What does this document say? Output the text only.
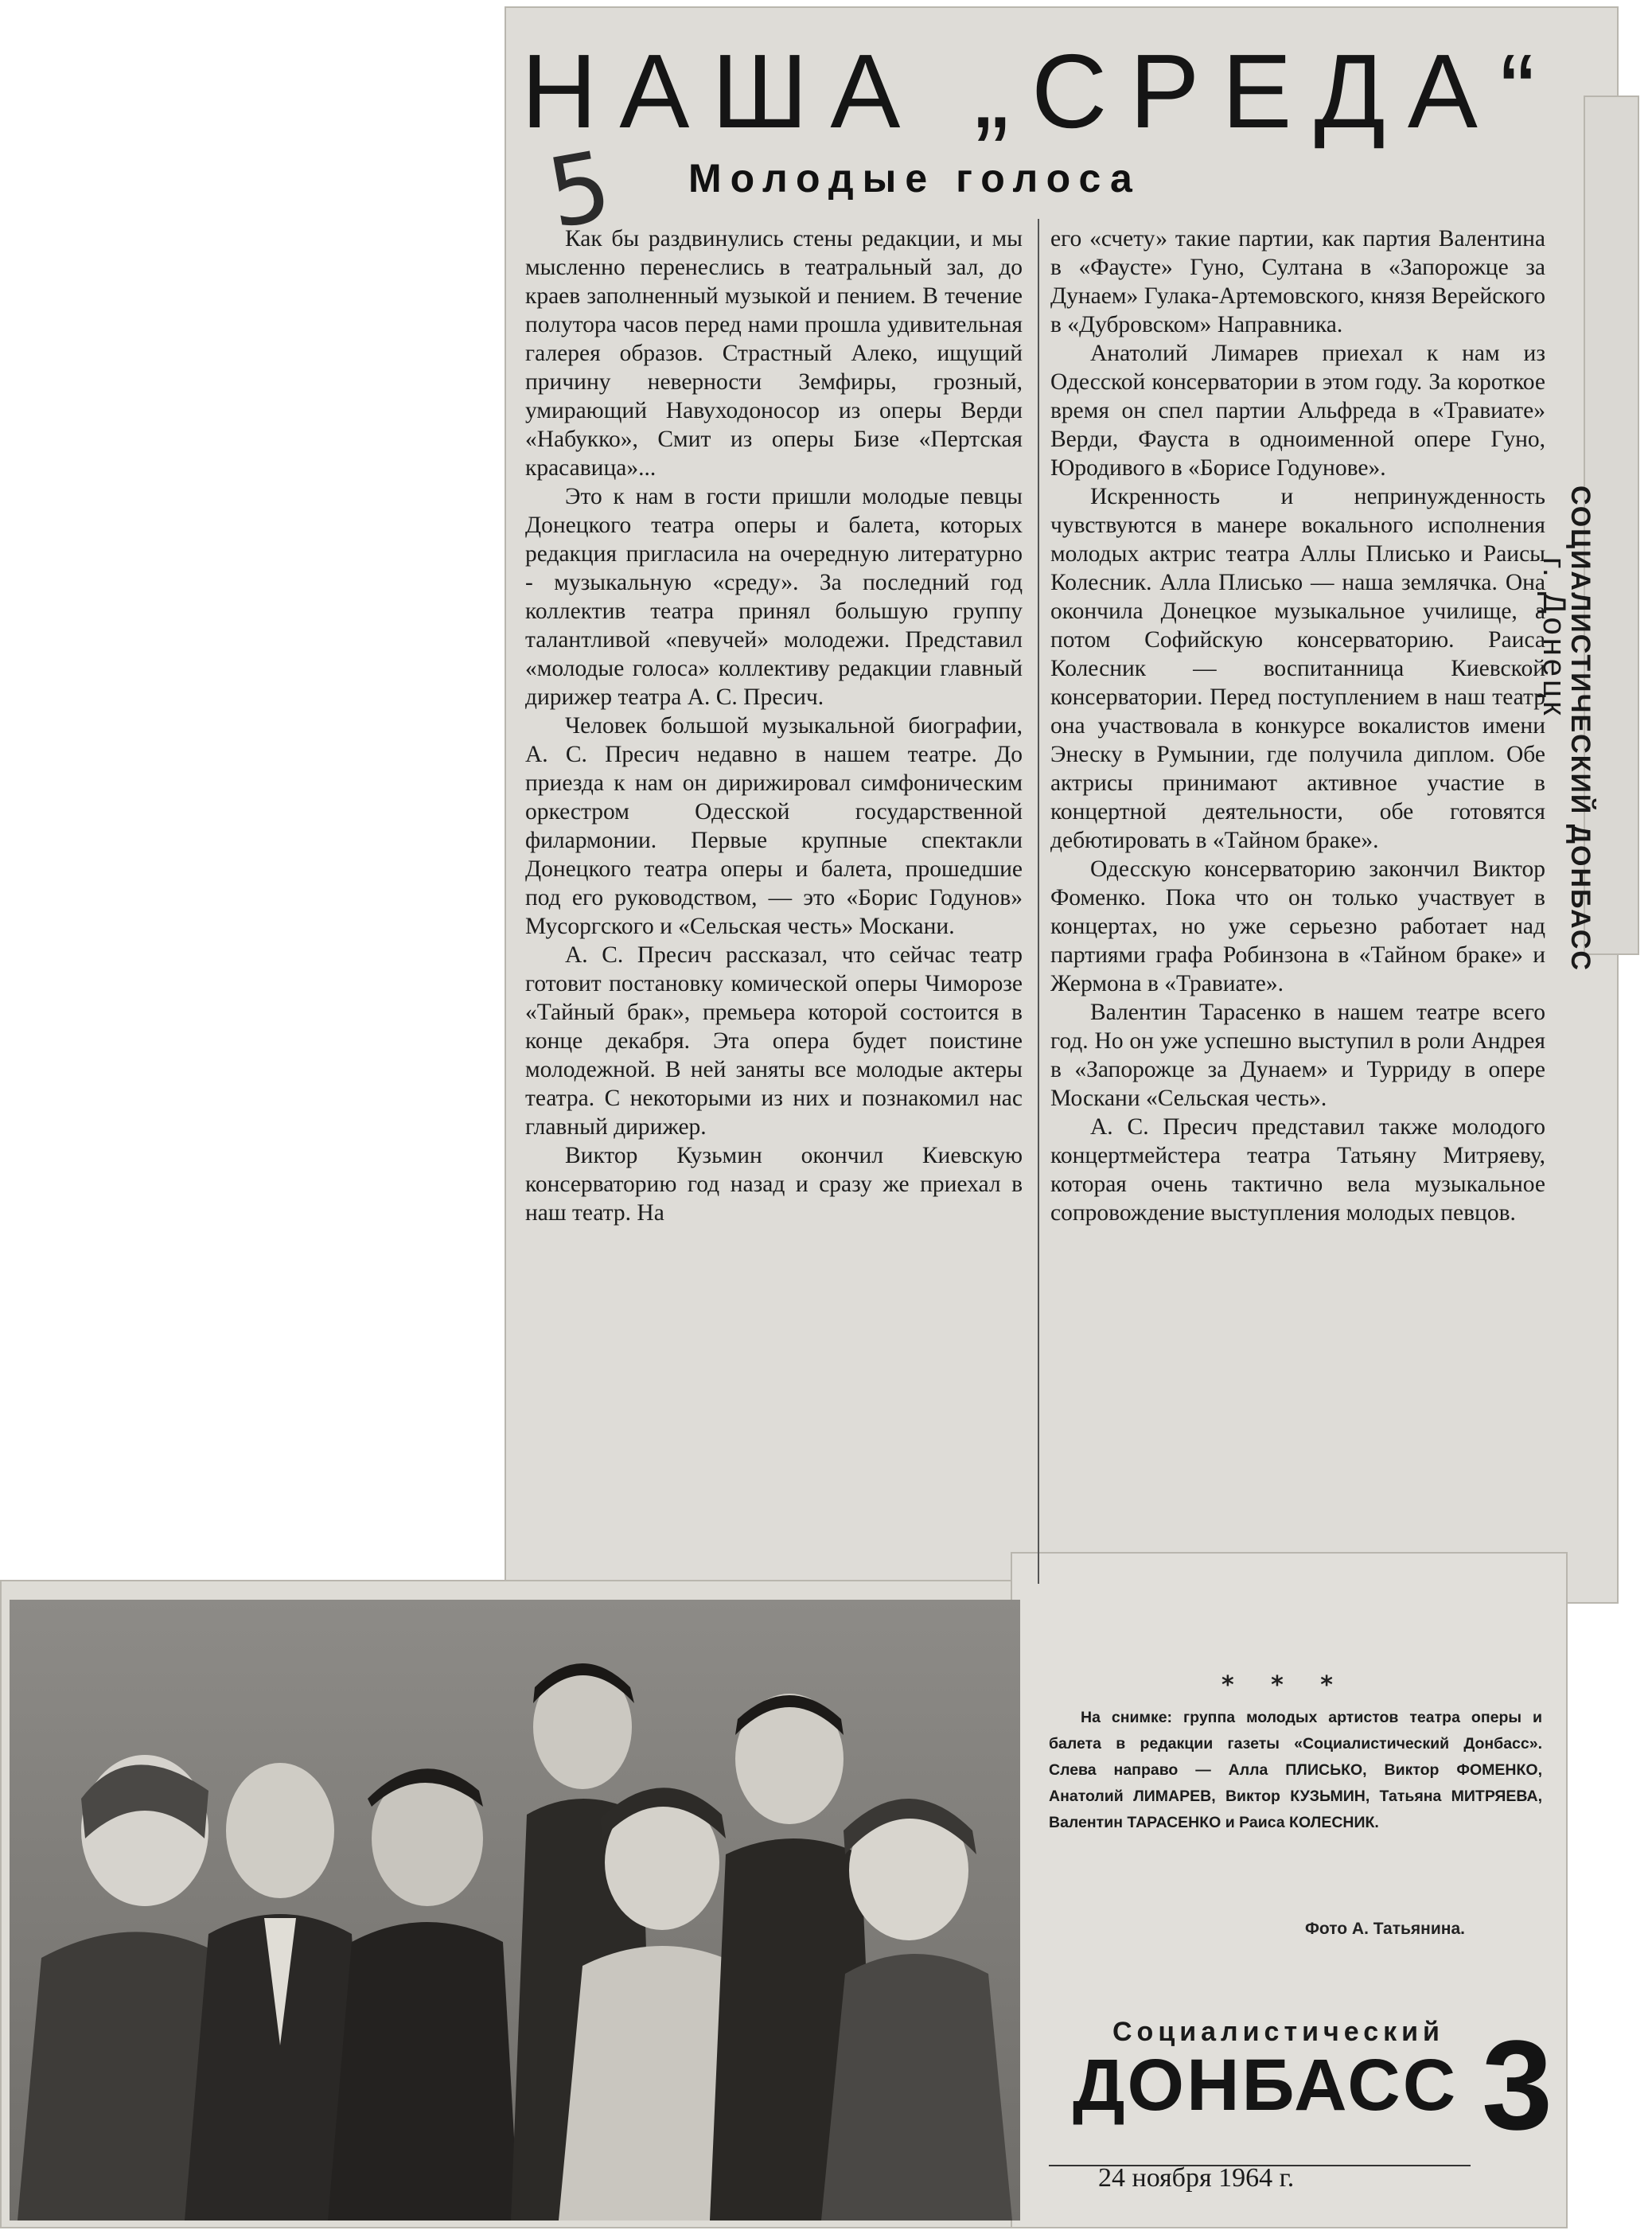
НАША „СРЕДА“
5 Молодые голоса

Как бы раздвинулись стены редакции, и мы мысленно перенеслись в театральный зал, до краев заполненный музыкой и пением. В течение полутора часов перед нами прошла удивительная галерея образов. Страстный Алеко, ищущий причину неверности Земфиры, грозный, умирающий Навуходоносор из оперы Верди «Набукко», Смит из оперы Бизе «Пертская красавица»...

Это к нам в гости пришли молодые певцы Донецкого театра оперы и балета, которых редакция пригласила на очередную литературно - музыкальную «среду». За последний год коллектив театра принял большую группу талантливой «певучей» молодежи. Представил «молодые голоса» коллективу редакции главный дирижер театра А. С. Пресич.

Человек большой музыкальной биографии, А. С. Пресич недавно в нашем театре. До приезда к нам он дирижировал симфоническим оркестром Одесской государственной филармонии. Первые крупные спектакли Донецкого театра оперы и балета, прошедшие под его руководством, — это «Борис Годунов» Мусоргского и «Сельская честь» Москани.

А. С. Пресич рассказал, что сейчас театр готовит постановку комической оперы Чиморозе «Тайный брак», премьера которой состоится в конце декабря. Эта опера будет поистине молодежной. В ней заняты все молодые актеры театра. С некоторыми из них и познакомил нас главный дирижер.

Виктор Кузьмин окончил Киевскую консерваторию год назад и сразу же приехал в наш театр. На

его «счету» такие партии, как партия Валентина в «Фаусте» Гуно, Султана в «Запорожце за Дунаем» Гулака-Артемовского, князя Верейского в «Дубровском» Направника.

Анатолий Лимарев приехал к нам из Одесской консерватории в этом году. За короткое время он спел партии Альфреда в «Травиате» Верди, Фауста в одноименной опере Гуно, Юродивого в «Борисе Годунове».

Искренность и непринужденность чувствуются в манере вокального исполнения молодых актрис театра Аллы Плисько и Раисы Колесник. Алла Плисько — наша землячка. Она окончила Донецкое музыкальное училище, а потом Софийскую консерваторию. Раиса Колесник — воспитанница Киевской консерватории. Перед поступлением в наш театр она участвовала в конкурсе вокалистов имени Энеску в Румынии, где получила диплом. Обе актрисы принимают активное участие в концертной деятельности, обе готовятся дебютировать в «Тайном браке».

Одесскую консерваторию закончил Виктор Фоменко. Пока что он только участвует в концертах, но уже серьезно работает над партиями графа Робинзона в «Тайном браке» и Жермона в «Травиате».

Валентин Тарасенко в нашем театре всего год. Но он уже успешно выступил в роли Андрея в «Запорожце за Дунаем» и Турриду в опере Москани «Сельская честь».

А. С. Пресич представил также молодого концертмейстера театра Татьяну Митряеву, которая очень тактично вела музыкальное сопровождение выступления молодых певцов.

* * *

На снимке: группа молодых артистов театра оперы и балета в редакции газеты «Социалистический Донбасс». Слева направо — Алла ПЛИСЬКО, Виктор ФОМЕНКО, Анатолий ЛИМАРЕВ, Виктор КУЗЬМИН, Татьяна МИТРЯЕВА, Валентин ТАРАСЕНКО и Раиса КОЛЕСНИК.

Фото А. Татьянина.
СОЦИАЛИСТИЧЕСКИЙ ДОНБАСС
г. Донецк
Социалистический
ДОНБАСС 3
24 ноября 1964 г.
